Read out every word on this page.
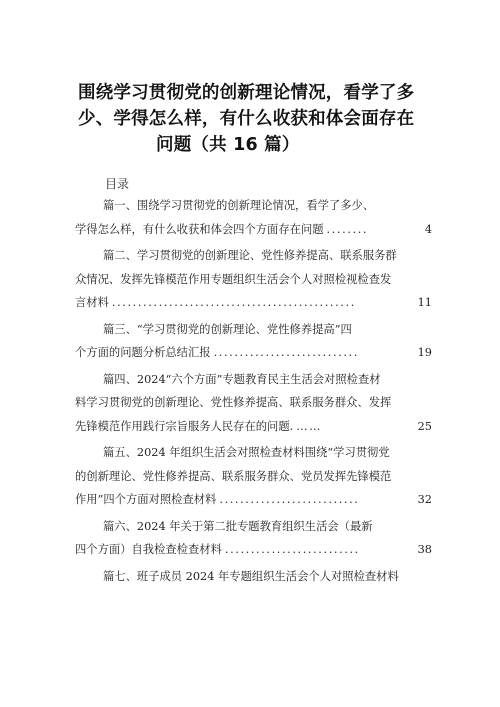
围绕学习贯彻党的创新理论情况，看学了多
少、学得怎么样，有什么收获和体会面存在
问题（共 16 篇）
目录
篇一、围绕学习贯彻党的创新理论情况，看学了多少、
学得怎么样，有什么收获和体会四个方面存在问题 ........	4
篇二、学习贯彻党的创新理论、党性修养提高、联系服务群
众情况、发挥先锋模范作用专题组织生活会个人对照检视检查发
言材料 ...............................................	11
篇三、“学习贯彻党的创新理论、党性修养提高”四
个方面的问题分析总结汇报 ............................	19
篇四、2024“六个方面”专题教育民主生活会对照检查材
料学习贯彻党的创新理论、党性修养提高、联系服务群众、发挥
先锋模范作用践行宗旨服务人民存在的问题. ……	25
篇五、2024 年组织生活会对照检查材料围绕“学习贯彻党
的创新理论、党性修养提高、联系服务群众、党员发挥先锋模范
作用”四个方面对照检查材料 ...........................	32
篇六、2024 年关于第二批专题教育组织生活会（最新
四个方面）自我检查检查材料 ..........................	38
篇七、班子成员 2024 年专题组织生活会个人对照检查材料
